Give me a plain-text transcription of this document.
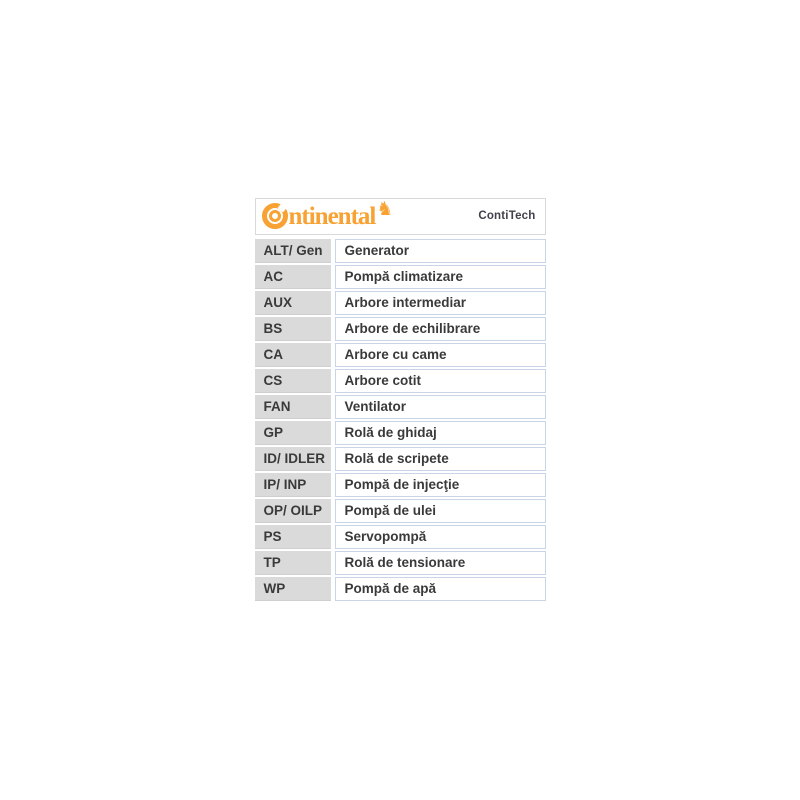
ntinental ♞	ContiTech
ALT/ Gen	Generator

AC	Pompă climatizare

AUX	Arbore intermediar

BS	Arbore de echilibrare

CA	Arbore cu came

CS	Arbore cotit

FAN	Ventilator

GP	Rolă de ghidaj

ID/ IDLER	Rolă de scripete

IP/ INP	Pompă de injecţie

OP/ OILP	Pompă de ulei

PS	Servopompă

TP	Rolă de tensionare

WP	Pompă de apă
